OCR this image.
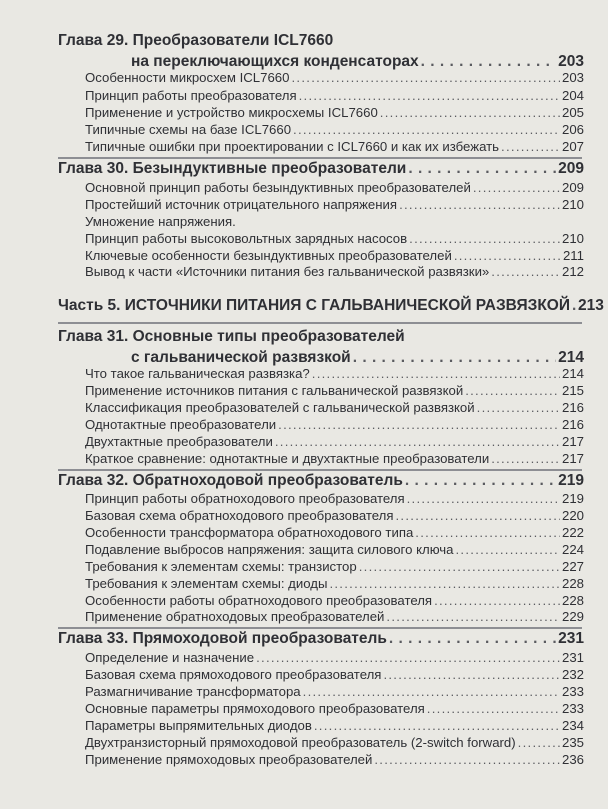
Глава 29. Преобразователи ICL7660
на переключающихся конденсаторах . . .	203
Особенности микросхем ICL7660 . . .	203
Принцип работы преобразователя . . .	204
Применение и устройство микросхемы ICL7660 . . .	205
Типичные схемы на базе ICL7660 . . .	206
Типичные ошибки при проектировании с ICL7660 и как их избежать . . .	207
Глава 30. Безындуктивные преобразователи . . .	209
Основной принцип работы безындуктивных преобразователей . . .	209
Простейший источник отрицательного напряжения . . .	210
Умножение напряжения.
Принцип работы высоковольтных зарядных насосов . . .	210
Ключевые особенности безындуктивных преобразователей . . .	211
Вывод к части «Источники питания без гальванической развязки» . . .	212
Часть 5. ИСТОЧНИКИ ПИТАНИЯ С ГАЛЬВАНИЧЕСКОЙ РАЗВЯЗКОЙ . . . 213
Глава 31. Основные типы преобразователей
с гальванической развязкой . . .	214
Что такое гальваническая развязка? . . .	214
Применение источников питания с гальванической развязкой . . .	215
Классификация преобразователей с гальванической развязкой . . .	216
Однотактные преобразователи . . .	216
Двухтактные преобразователи . . .	217
Краткое сравнение: однотактные и двухтактные преобразователи . . .	217
Глава 32. Обратноходовой преобразователь . . .	219
Принцип работы обратноходового преобразователя . . .	219
Базовая схема обратноходового преобразователя . . .	220
Особенности трансформатора обратноходового типа . . .	222
Подавление выбросов напряжения: защита силового ключа . . .	224
Требования к элементам схемы: транзистор . . .	227
Требования к элементам схемы: диоды . . .	228
Особенности работы обратноходового преобразователя . . .	228
Применение обратноходовых преобразователей . . .	229
Глава 33. Прямоходовой преобразователь . . .	231
Определение и назначение . . .	231
Базовая схема прямоходового преобразователя . . .	232
Размагничивание трансформатора . . .	233
Основные параметры прямоходового преобразователя . . .	233
Параметры выпрямительных диодов . . .	234
Двухтранзисторный прямоходовой преобразователь (2-switch forward) . . .	235
Применение прямоходовых преобразователей . . .	236
